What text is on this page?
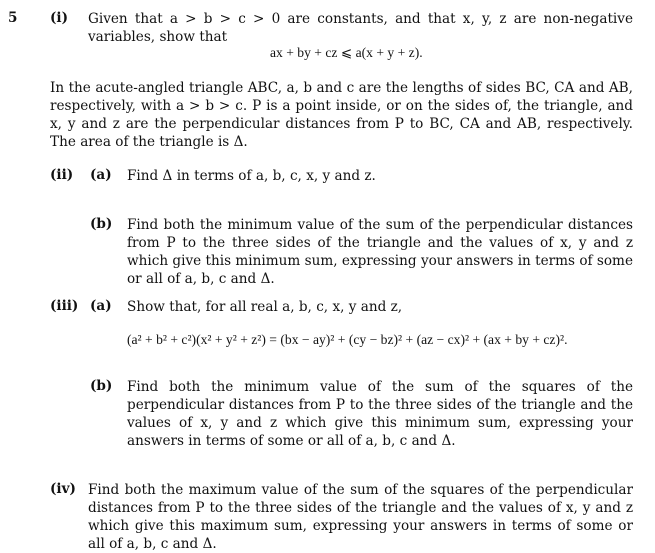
5 (i) Given that a > b > c > 0 are constants, and that x, y, z are non-negative variables, show that
ax + by + cz ⩽ a(x + y + z).
In the acute-angled triangle ABC, a, b and c are the lengths of sides BC, CA and AB, respectively, with a > b > c. P is a point inside, or on the sides of, the triangle, and x, y and z are the perpendicular distances from P to BC, CA and AB, respectively. The area of the triangle is Δ.
(ii) (a) Find Δ in terms of a, b, c, x, y and z.
(b) Find both the minimum value of the sum of the perpendicular distances from P to the three sides of the triangle and the values of x, y and z which give this minimum sum, expressing your answers in terms of some or all of a, b, c and Δ.
(iii) (a) Show that, for all real a, b, c, x, y and z,
(a² + b² + c²)(x² + y² + z²) = (bx − ay)² + (cy − bz)² + (az − cx)² + (ax + by + cz)².
(b) Find both the minimum value of the sum of the squares of the perpendicular distances from P to the three sides of the triangle and the values of x, y and z which give this minimum sum, expressing your answers in terms of some or all of a, b, c and Δ.
(iv) Find both the maximum value of the sum of the squares of the perpendicular distances from P to the three sides of the triangle and the values of x, y and z which give this maximum sum, expressing your answers in terms of some or all of a, b, c and Δ.
